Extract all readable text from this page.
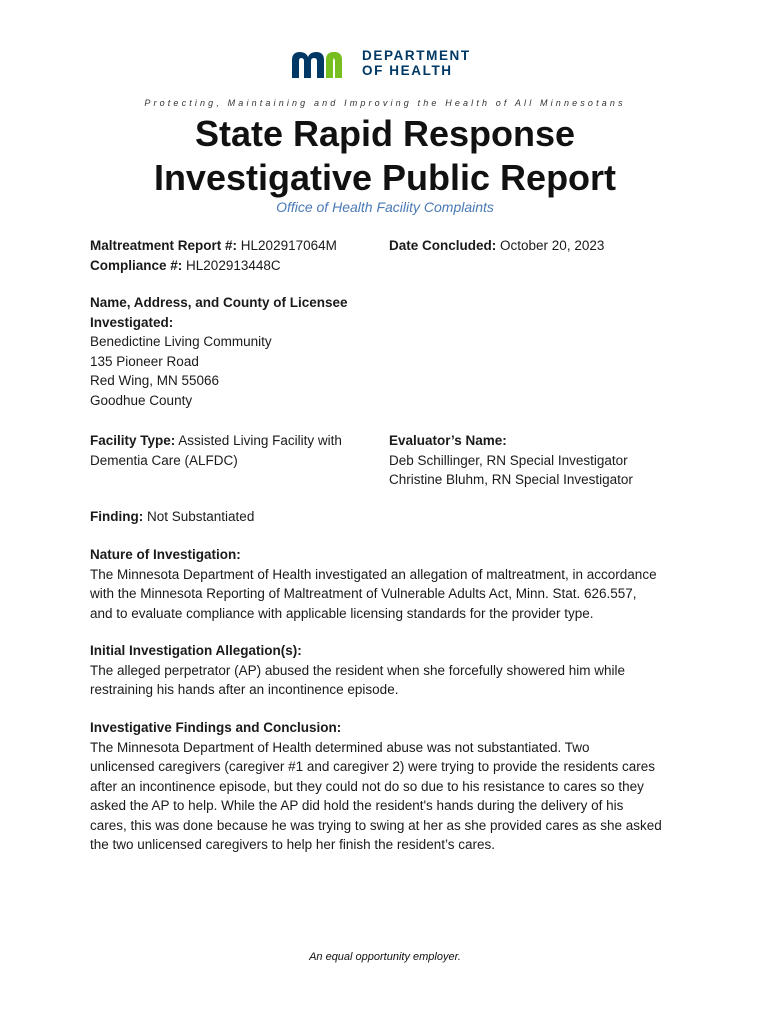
DEPARTMENT
OF HEALTH
Protecting, Maintaining and Improving the Health of All Minnesotans
State Rapid Response
Investigative Public Report
Office of Health Facility Complaints
Maltreatment Report #: HL202917064M
Compliance #: HL202913448C
Date Concluded: October 20, 2023
Name, Address, and County of Licensee
Investigated:
Benedictine Living Community
135 Pioneer Road
Red Wing, MN 55066
Goodhue County
Facility Type: Assisted Living Facility with
Dementia Care (ALFDC)
Evaluator’s Name:
Deb Schillinger, RN Special Investigator
Christine Bluhm, RN Special Investigator
Finding: Not Substantiated
Nature of Investigation:
The Minnesota Department of Health investigated an allegation of maltreatment, in accordance
with the Minnesota Reporting of Maltreatment of Vulnerable Adults Act, Minn. Stat. 626.557,
and to evaluate compliance with applicable licensing standards for the provider type.
Initial Investigation Allegation(s):
The alleged perpetrator (AP) abused the resident when she forcefully showered him while
restraining his hands after an incontinence episode.
Investigative Findings and Conclusion:
The Minnesota Department of Health determined abuse was not substantiated. Two
unlicensed caregivers (caregiver #1 and caregiver 2) were trying to provide the residents cares
after an incontinence episode, but they could not do so due to his resistance to cares so they
asked the AP to help. While the AP did hold the resident's hands during the delivery of his
cares, this was done because he was trying to swing at her as she provided cares as she asked
the two unlicensed caregivers to help her finish the resident’s cares.
An equal opportunity employer.
